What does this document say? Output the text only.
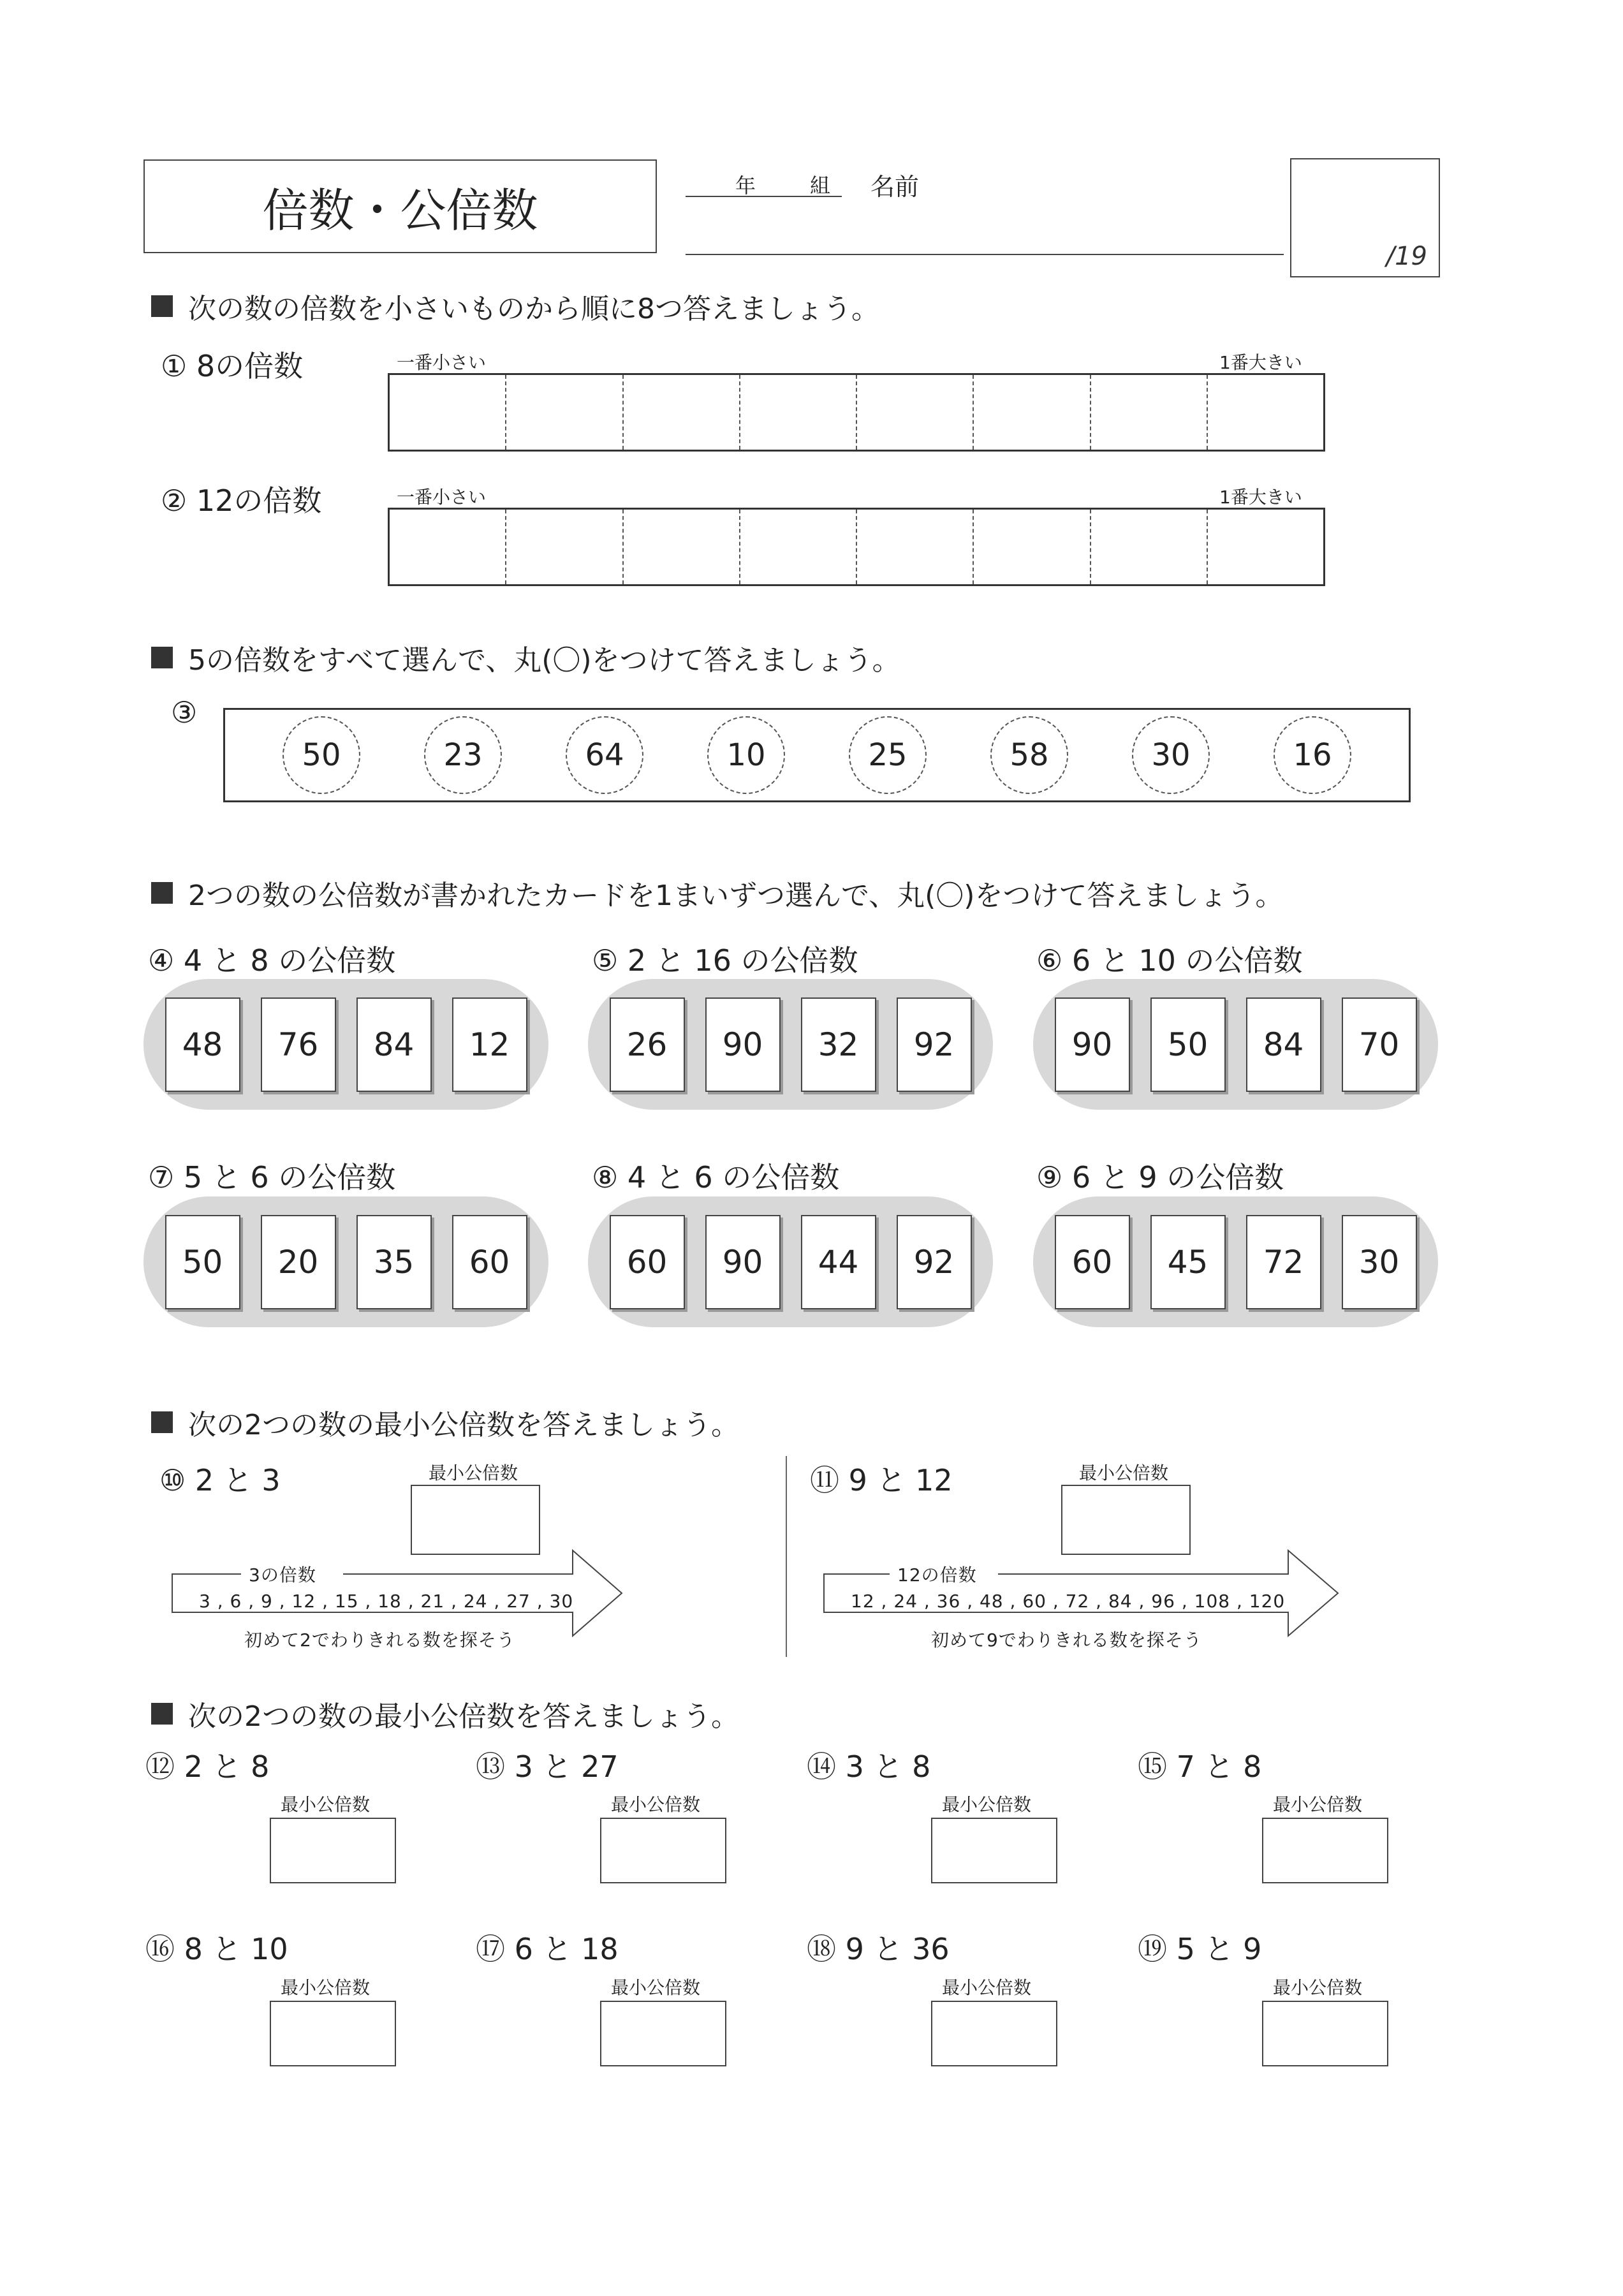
倍数・公倍数	年	組 名前
/19
次の数の倍数を小さいものから順に8つ答えましょう。
① 8の倍数	一番小さい	1番大きい
② 12の倍数	一番小さい	1番大きい
5の倍数をすべて選んで、丸(〇)をつけて答えましょう。
③
50	23	64	10	25	58	30	16
2つの数の公倍数が書かれたカードを1まいずつ選んで、丸(〇)をつけて答えましょう。
④ 4 と 8 の公倍数
48	76	84	12
⑤ 2 と 16 の公倍数
26	90	32	92
⑥ 6 と 10 の公倍数
90	50	84	70
⑦ 5 と 6 の公倍数
50	20	35	60
⑧ 4 と 6 の公倍数
60	90	44	92
⑨ 6 と 9 の公倍数
60	45	72	30
次の2つの数の最小公倍数を答えましょう。
⑩ 2 と 3	最小公倍数
3の倍数
3 , 6 , 9 , 12 , 15 , 18 , 21 , 24 , 27 , 30
初めて2でわりきれる数を探そう
⑪ 9 と 12	最小公倍数
12の倍数
12 , 24 , 36 , 48 , 60 , 72 , 84 , 96 , 108 , 120
初めて9でわりきれる数を探そう
次の2つの数の最小公倍数を答えましょう。
⑫ 2 と 8
最小公倍数
⑬ 3 と 27
最小公倍数
⑭ 3 と 8
最小公倍数
⑮ 7 と 8
最小公倍数
⑯ 8 と 10
最小公倍数
⑰ 6 と 18
最小公倍数
⑱ 9 と 36
最小公倍数
⑲ 5 と 9
最小公倍数
